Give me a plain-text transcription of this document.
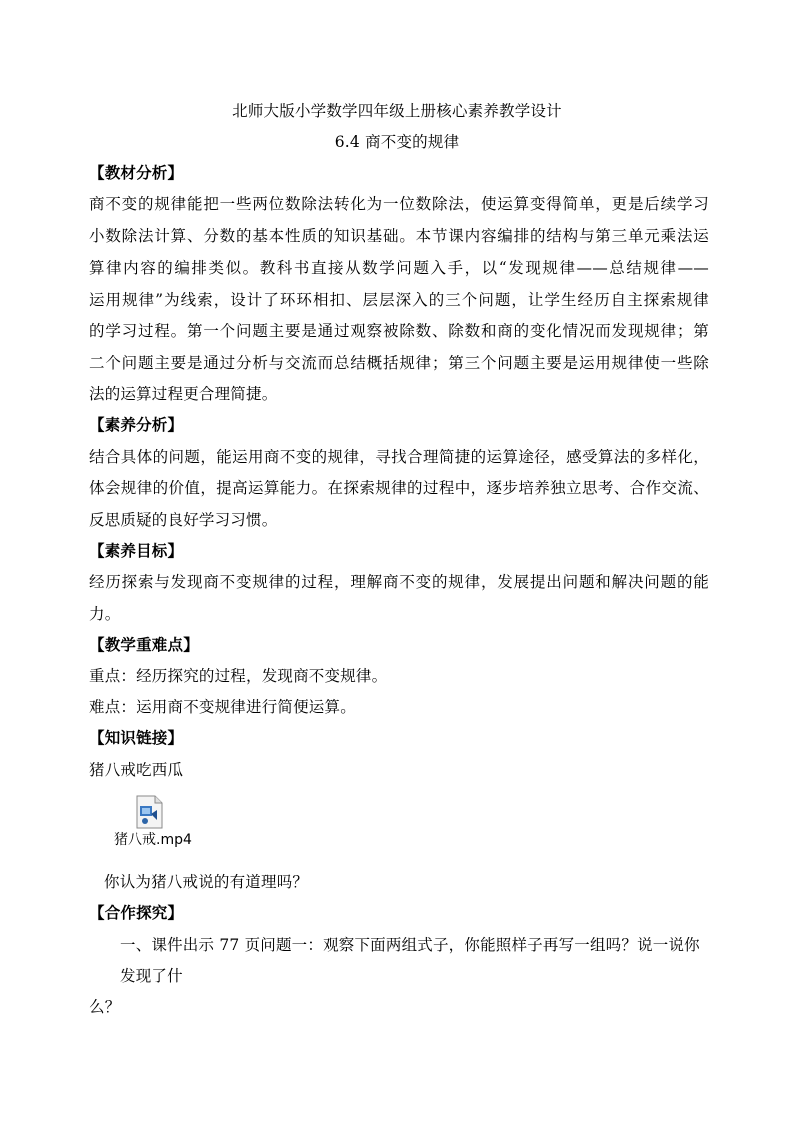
北师大版小学数学四年级上册核心素养教学设计
6.4 商不变的规律
【教材分析】
商不变的规律能把一些两位数除法转化为一位数除法，使运算变得简单，更是后续学习
小数除法计算、分数的基本性质的知识基础。本节课内容编排的结构与第三单元乘法运
算律内容的编排类似。教科书直接从数学问题入手，以“发现规律——总结规律——
运用规律”为线索，设计了环环相扣、层层深入的三个问题，让学生经历自主探索规律
的学习过程。第一个问题主要是通过观察被除数、除数和商的变化情况而发现规律；第
二个问题主要是通过分析与交流而总结概括规律；第三个问题主要是运用规律使一些除
法的运算过程更合理简捷。
【素养分析】
结合具体的问题，能运用商不变的规律，寻找合理简捷的运算途径，感受算法的多样化，
体会规律的价值，提高运算能力。在探索规律的过程中，逐步培养独立思考、合作交流、
反思质疑的良好学习习惯。
【素养目标】
经历探索与发现商不变规律的过程，理解商不变的规律，发展提出问题和解决问题的能
力。
【教学重难点】
重点：经历探究的过程，发现商不变规律。
难点：运用商不变规律进行简便运算。
【知识链接】
猪八戒吃西瓜
猪八戒.mp4
你认为猪八戒说的有道理吗？
【合作探究】
一、课件出示 77 页问题一：观察下面两组式子，你能照样子再写一组吗？说一说你
发现了什
么？
